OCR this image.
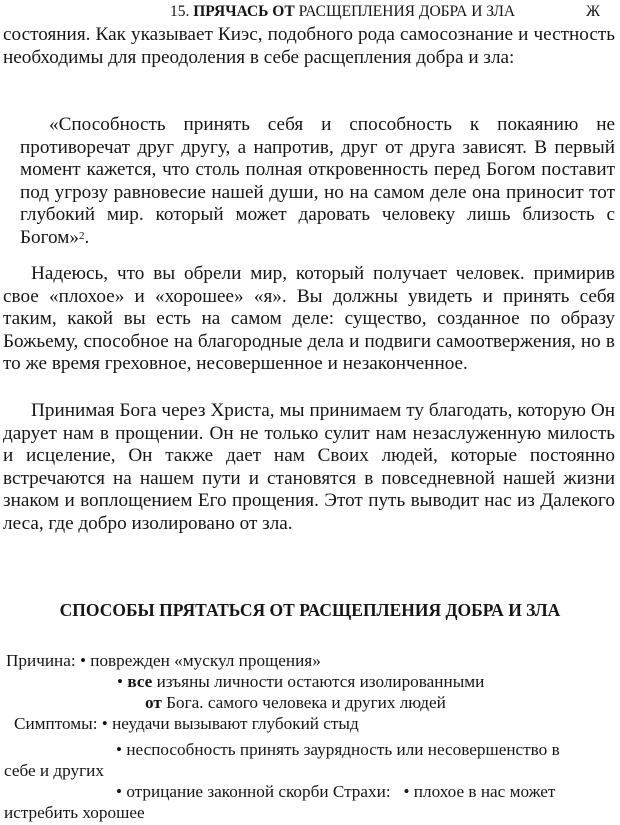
15. ПРЯЧАСЬ ОТ РАСЩЕПЛЕНИЯ ДОБРА И ЗЛА	Ж

состояния. Как указывает Киэс, подобного рода самосознание и честность необходимы для преодоления в себе расщепления добра и зла:

«Способность принять себя и способность к покаянию не противоречат друг другу, а напротив, друг от друга зависят. В первый момент кажется, что столь полная откровенность перед Богом поставит под угрозу равновесие нашей души, но на самом деле она приносит тот глубокий мир. который может даровать человеку лишь близость с Богом»$^2$.

Надеюсь, что вы обрели мир, который получает человек. примирив свое «плохое» и «хорошее» «я». Вы должны увидеть и принять себя таким, какой вы есть на самом деле: существо, созданное по образу Божьему, способное на благородные дела и подвиги самоотвержения, но в то же время греховное, несовершенное и незаконченное.

Принимая Бога через Христа, мы принимаем ту благодать, которую Он дарует нам в прощении. Он не только сулит нам незаслуженную милость и исцеление, Он также дает нам Своих людей, которые постоянно встречаются на нашем пути и становятся в повседневной нашей жизни знаком и воплощением Его прощения. Этот путь выводит нас из Далекого леса, где добро изолировано от зла.

СПОСОБЫ ПРЯТАТЬСЯ ОТ РАСЩЕПЛЕНИЯ ДОБРА И ЗЛА
Причина: • поврежден «мускул прощения»
• все изъяны личности остаются изолированными
от Бога. самого человека и других людей
Симптомы: • неудачи вызывают глубокий стыд
• неспособность принять заурядность или несовершенство в
себе и других
• отрицание законной скорби Страхи:   • плохое в нас может
истребить хорошее
